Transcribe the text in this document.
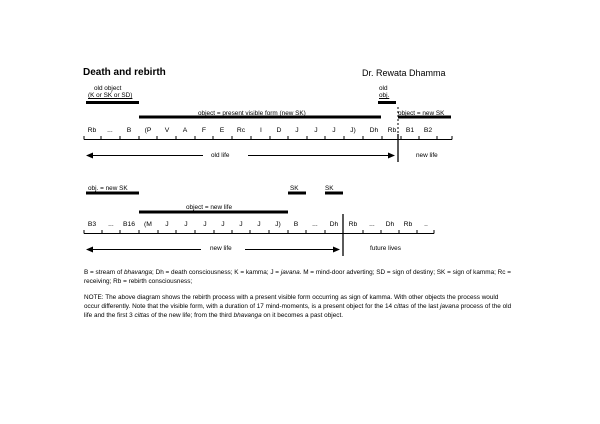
Death and rebirth	Dr. Rewata Dhamma
old object
(K or SK or SD)
old
obj.
object = present visible form (new SK)	object = new SK
Rb	...	B	(P	V	A	F	E	Rc	I	D	J	J	J	J)	Dh	Rb	B1	B2
old life	new life
obj. = new SK	SK	SK
object = new life
B3	...	B16	(M	J	J	J	J	J	J	J)	B	...	Dh	Rb	...	Dh	Rb	..
new life	future lives
B = stream of bhavanga; Dh = death consciousness; K = kamma; J = javana. M = mind-door adverting; SD = sign of destiny; SK = sign of kamma; Rc = receiving; Rb = rebirth consciousness;
NOTE: The above diagram shows the rebirth process with a present visible form occurring as sign of kamma. With other objects the process would occur differently. Note that the visible form, with a duration of 17 mind-moments, is a present object for the 14 cittas of the last javana process of the old life and the first 3 cittas of the new life; from the third bhavanga on it becomes a past object.
